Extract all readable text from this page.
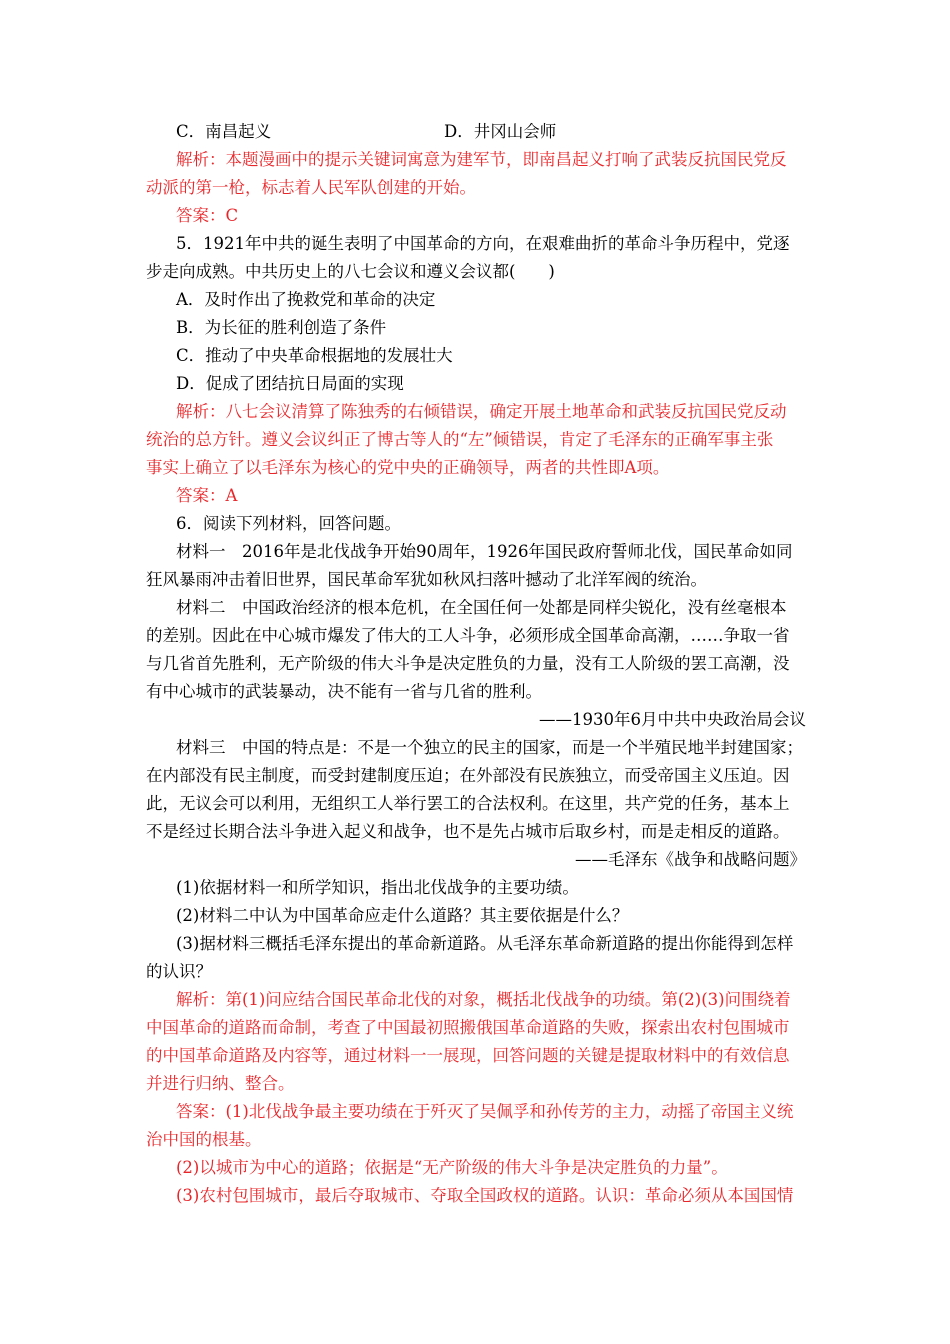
C．南昌起义	D．井冈山会师
解析：本题漫画中的提示关键词寓意为建军节，即南昌起义打响了武装反抗国民党反
动派的第一枪，标志着人民军队创建的开始。
答案：C
5．1921年中共的诞生表明了中国革命的方向，在艰难曲折的革命斗争历程中，党逐
步走向成熟。中共历史上的八七会议和遵义会议都(　　)
A．及时作出了挽救党和革命的决定
B．为长征的胜利创造了条件
C．推动了中央革命根据地的发展壮大
D．促成了团结抗日局面的实现
解析：八七会议清算了陈独秀的右倾错误，确定开展土地革命和武装反抗国民党反动
统治的总方针。遵义会议纠正了博古等人的“左”倾错误，肯定了毛泽东的正确军事主张
事实上确立了以毛泽东为核心的党中央的正确领导，两者的共性即A项。
答案：A
6．阅读下列材料，回答问题。
材料一　2016年是北伐战争开始90周年，1926年国民政府誓师北伐，国民革命如同
狂风暴雨冲击着旧世界，国民革命军犹如秋风扫落叶撼动了北洋军阀的统治。
材料二　中国政治经济的根本危机，在全国任何一处都是同样尖锐化，没有丝毫根本
的差别。因此在中心城市爆发了伟大的工人斗争，必须形成全国革命高潮，……争取一省
与几省首先胜利，无产阶级的伟大斗争是决定胜负的力量，没有工人阶级的罢工高潮，没
有中心城市的武装暴动，决不能有一省与几省的胜利。
——1930年6月中共中央政治局会议
材料三　中国的特点是：不是一个独立的民主的国家，而是一个半殖民地半封建国家；
在内部没有民主制度，而受封建制度压迫；在外部没有民族独立，而受帝国主义压迫。因
此，无议会可以利用，无组织工人举行罢工的合法权利。在这里，共产党的任务，基本上
不是经过长期合法斗争进入起义和战争，也不是先占城市后取乡村，而是走相反的道路。
——毛泽东《战争和战略问题》
(1)依据材料一和所学知识，指出北伐战争的主要功绩。
(2)材料二中认为中国革命应走什么道路？其主要依据是什么？
(3)据材料三概括毛泽东提出的革命新道路。从毛泽东革命新道路的提出你能得到怎样
的认识？
解析：第(1)问应结合国民革命北伐的对象，概括北伐战争的功绩。第(2)(3)问围绕着
中国革命的道路而命制，考查了中国最初照搬俄国革命道路的失败，探索出农村包围城市
的中国革命道路及内容等，通过材料一一展现，回答问题的关键是提取材料中的有效信息
并进行归纳、整合。
答案：(1)北伐战争最主要功绩在于歼灭了吴佩孚和孙传芳的主力，动摇了帝国主义统
治中国的根基。
(2)以城市为中心的道路；依据是“无产阶级的伟大斗争是决定胜负的力量”。
(3)农村包围城市，最后夺取城市、夺取全国政权的道路。认识：革命必须从本国国情
